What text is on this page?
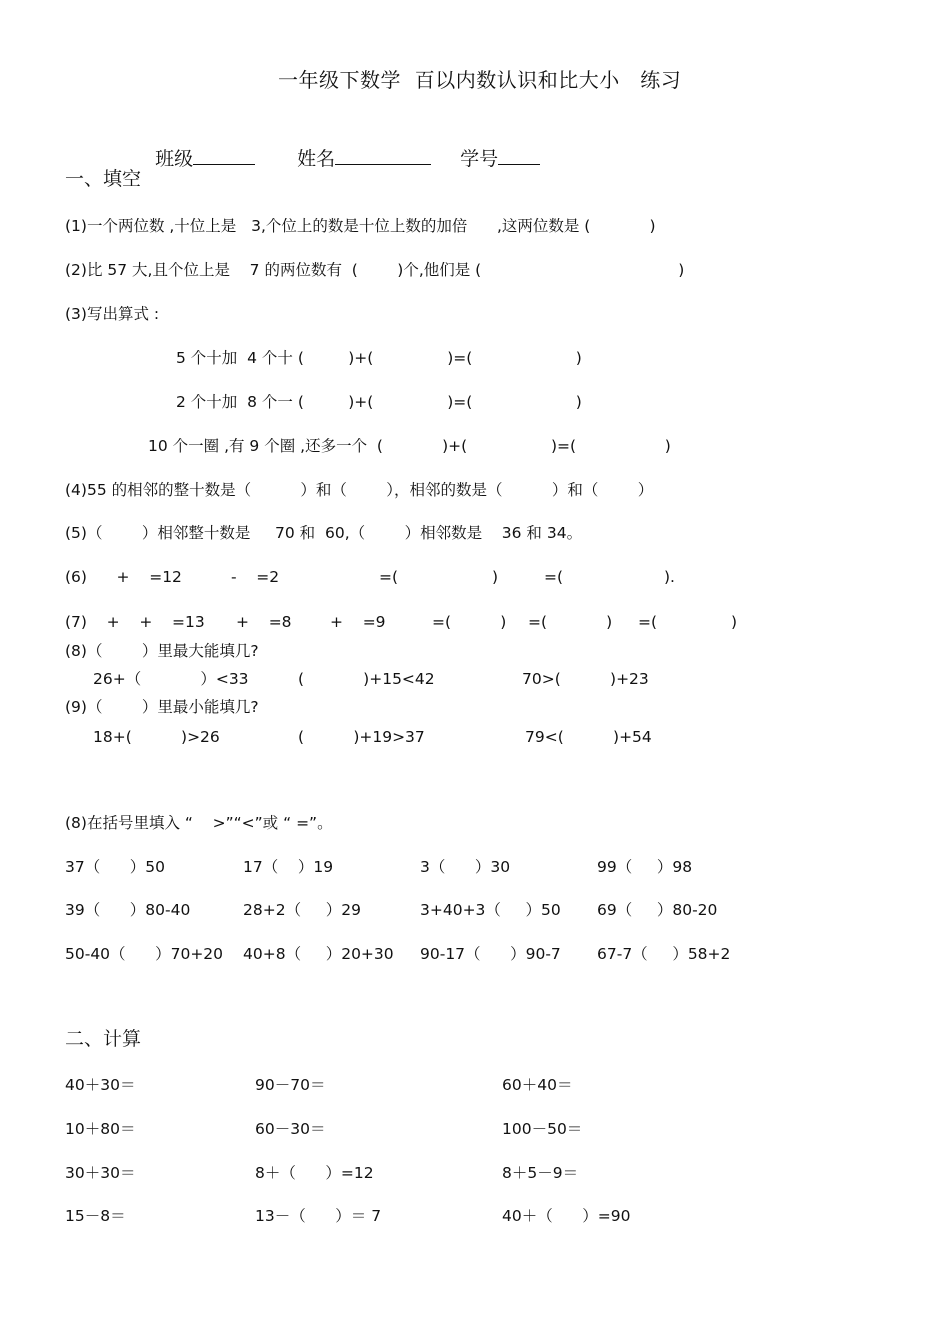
一年级下数学  百以内数认识和比大小   练习

班级	姓名	学号

一、填空
(1)一个两位数 ,十位上是   3,个位上的数是十位上数的加倍      ,这两位数是 (            )
(2)比 57 大,且个位上是    7 的两位数有  (        )个,他们是 (                                        )
(3)写出算式 :
5 个十加  4 个十 (         )+(               )=(                     )
2 个十加  8 个一 (         )+(               )=(                     )
10 个一圈 ,有 9 个圈 ,还多一个  (            )+(                 )=(                  )
(4)55 的相邻的整十数是（          ）和（        ），相邻的数是（          ）和（        ）
(5)（        ）相邻整十数是     70 和  60,（        ）相邻数是    36 和 34。
(6)      +    =12	-    =2	=(	)	=(	).
(7)    +    +    =13 +    =8 +    =9	=(          ) =(            ) =(               )
(8)（        ）里最大能填几?
26+（            ）<33	(            )+15<42	70>(          )+23
(9)（        ）里最小能填几?
18+(          )>26	(          )+19>37	79<(          )+54
(8)在括号里填入 “    >”“<”或 “ =”。
37（      ）50	17（    ）19	3（      ）30	99（     ）98
39（      ）80-40	28+2（     ）29	3+40+3（     ）50 69（     ）80-20
50-40（      ）70+20 40+8（     ）20+30 90-17（      ）90-7 67-7（     ）58+2
二、计算
40＋30＝	90－70＝	60＋40＝
10＋80＝	60－30＝	100－50＝
30＋30＝	8＋（      ）=12	8＋5－9＝
15－8＝	13－（      ）＝ 7	40＋（      ）=90
